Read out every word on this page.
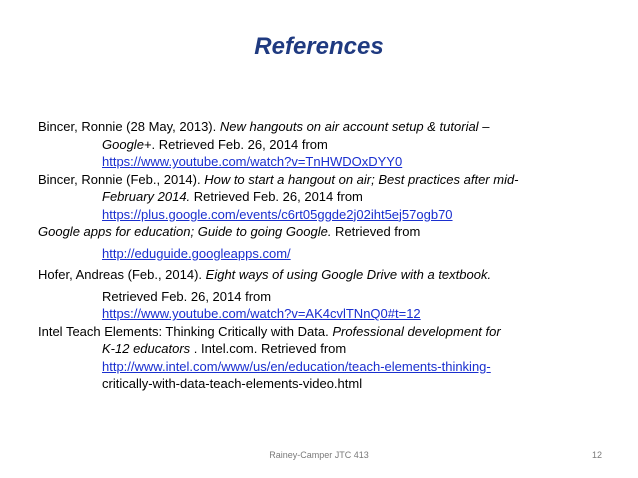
References
Bincer, Ronnie (28 May, 2013). New hangouts on air account setup & tutorial –
Google+. Retrieved Feb. 26, 2014 from
https://www.youtube.com/watch?v=TnHWDOxDYY0
Bincer, Ronnie (Feb., 2014). How to start a hangout on air; Best practices after mid-
February 2014. Retrieved Feb. 26, 2014 from
https://plus.google.com/events/c6rt05ggde2j02iht5ej57ogb70
Google apps for education; Guide to going Google. Retrieved from
http://eduguide.googleapps.com/
Hofer, Andreas (Feb., 2014). Eight ways of using Google Drive with a textbook.
Retrieved Feb. 26, 2014 from
https://www.youtube.com/watch?v=AK4cvlTNnQ0#t=12
Intel Teach Elements: Thinking Critically with Data. Professional development for
K-12 educators . Intel.com. Retrieved from
http://www.intel.com/www/us/en/education/teach-elements-thinking-
critically-with-data-teach-elements-video.html
Rainey-Camper JTC 413	12
